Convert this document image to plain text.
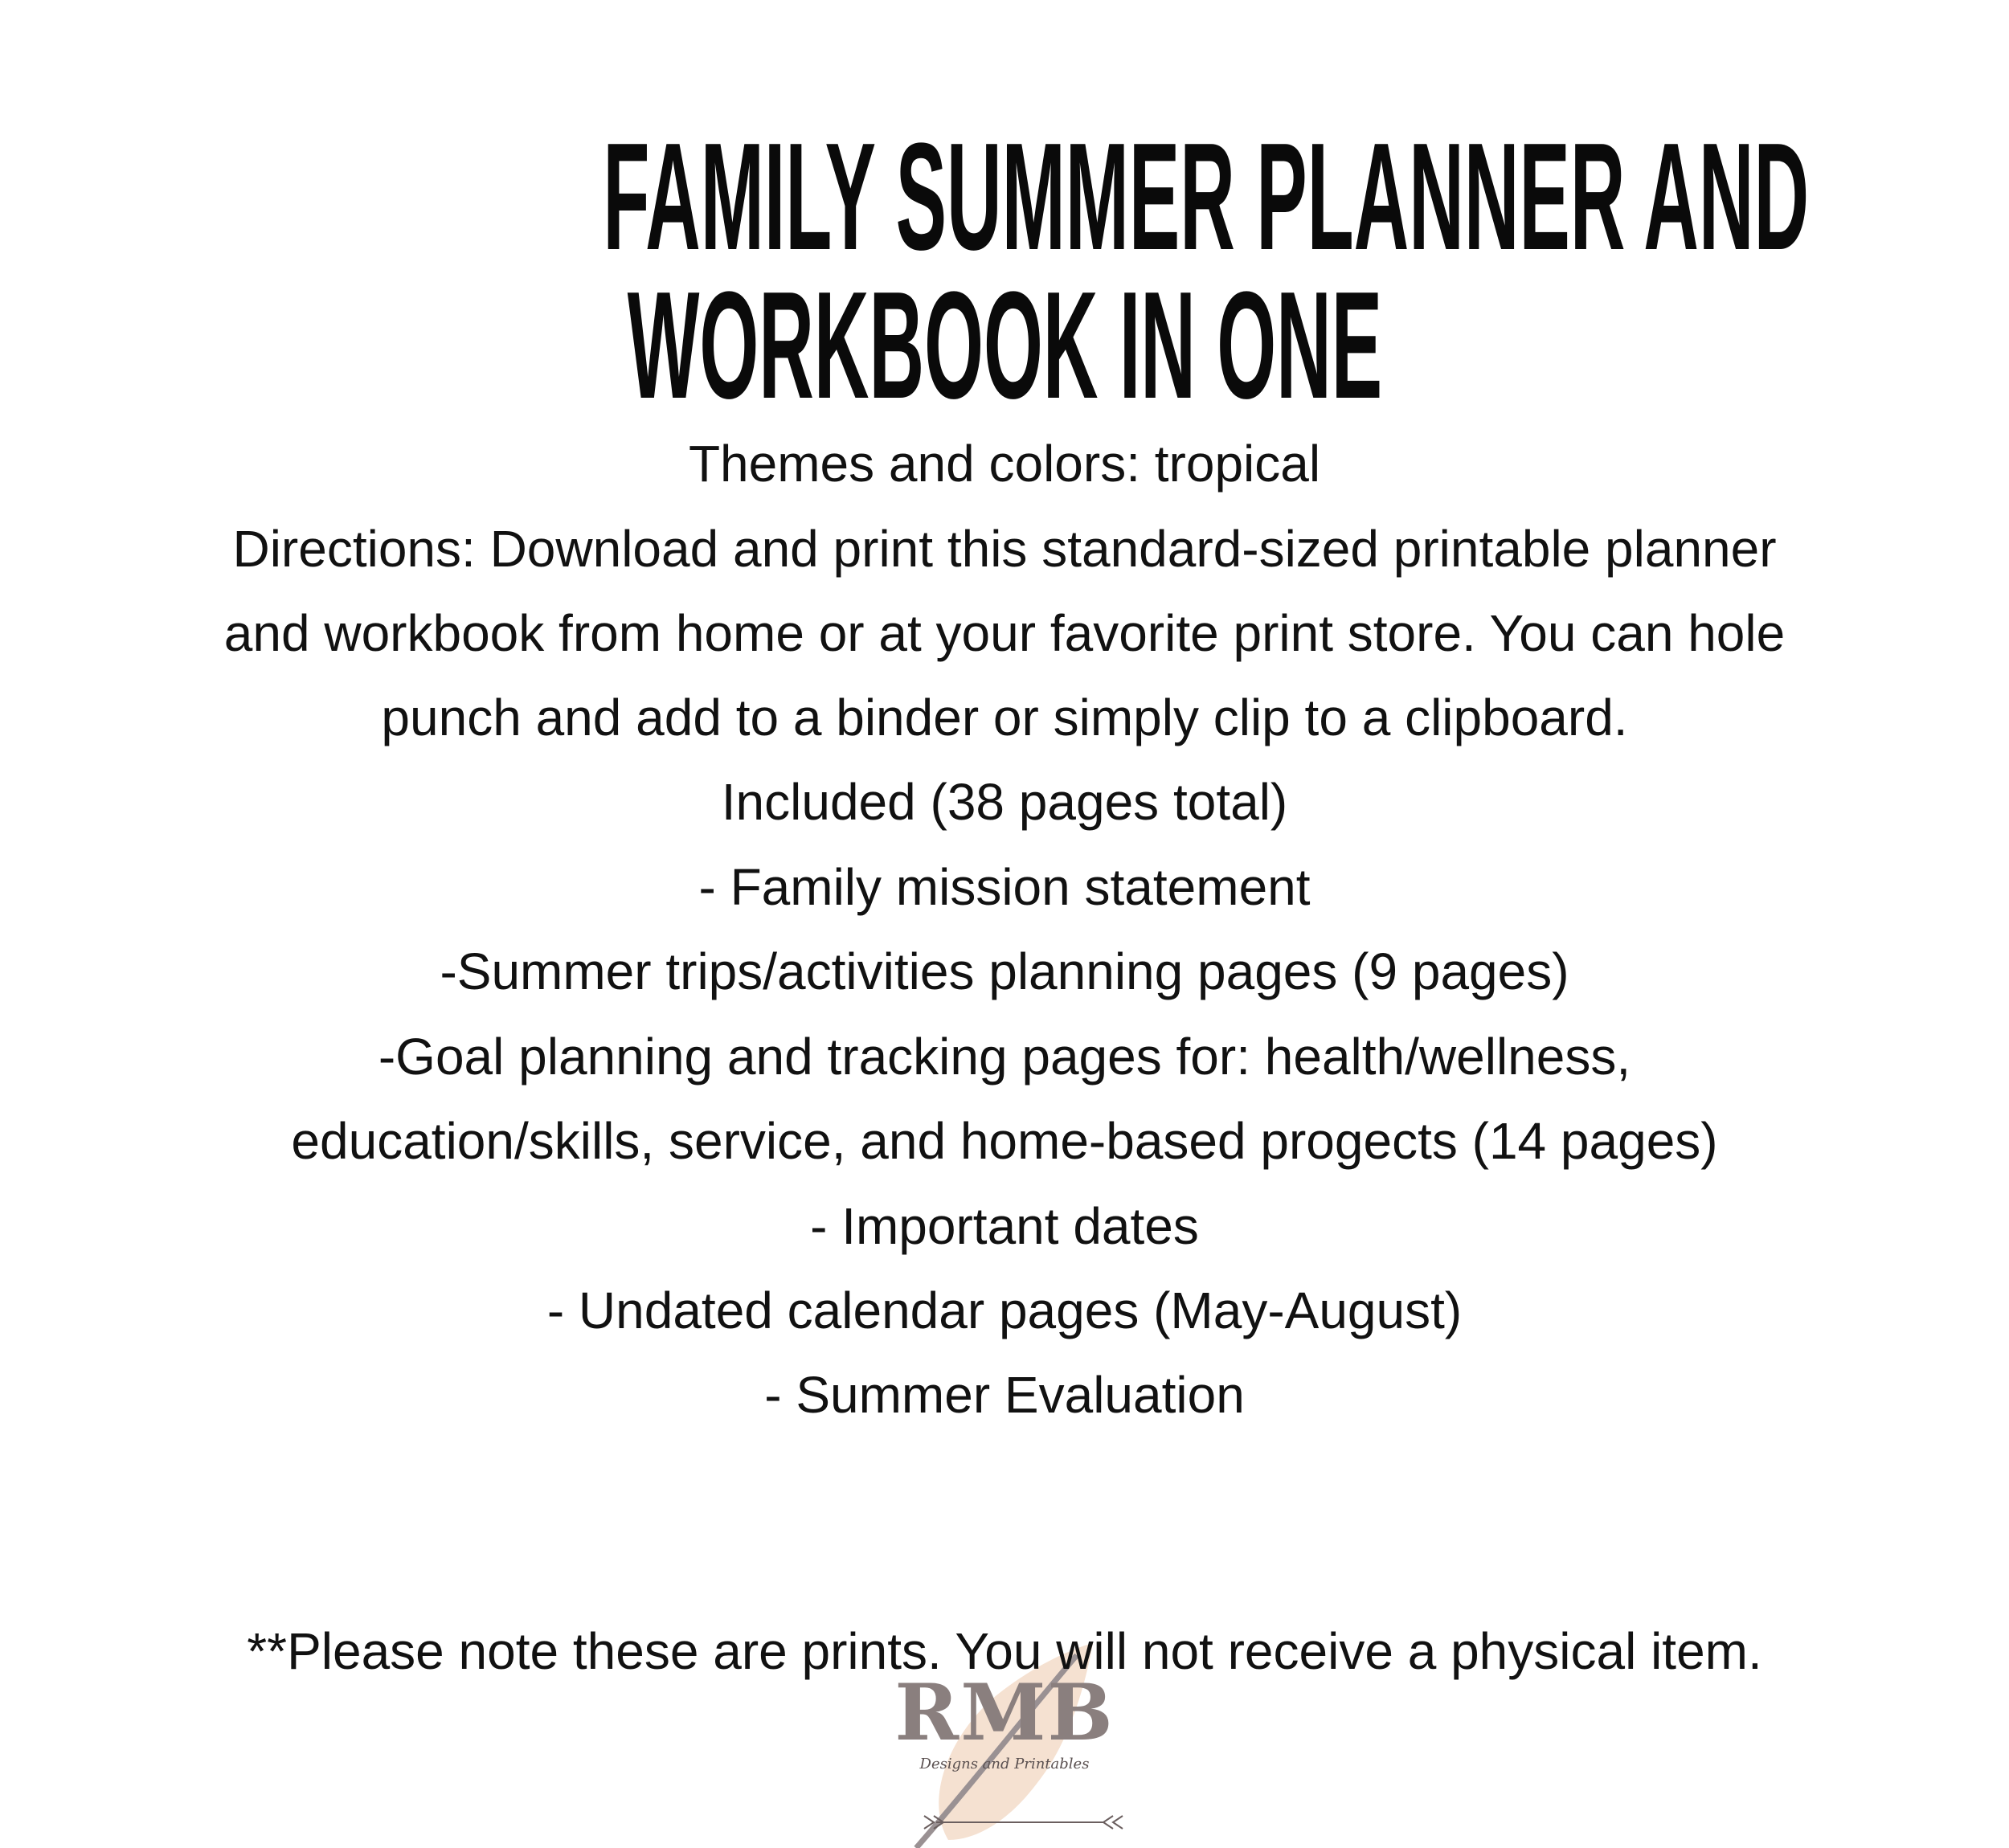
FAMILY SUMMER PLANNER AND
WORKBOOK IN ONE
Themes and colors: tropical
Directions: Download and print this standard-sized printable planner
and workbook from home or at your favorite print store. You can hole
punch and add to a binder or simply clip to a clipboard.
Included (38 pages total)
- Family mission statement
-Summer trips/activities planning pages (9 pages)
-Goal planning and tracking pages for: health/wellness,
education/skills, service, and home-based progects (14 pages)
- Important dates
- Undated calendar pages (May-August)
- Summer Evaluation
**Please note these are prints. You will not receive a physical item.
RMB
Designs and Printables
